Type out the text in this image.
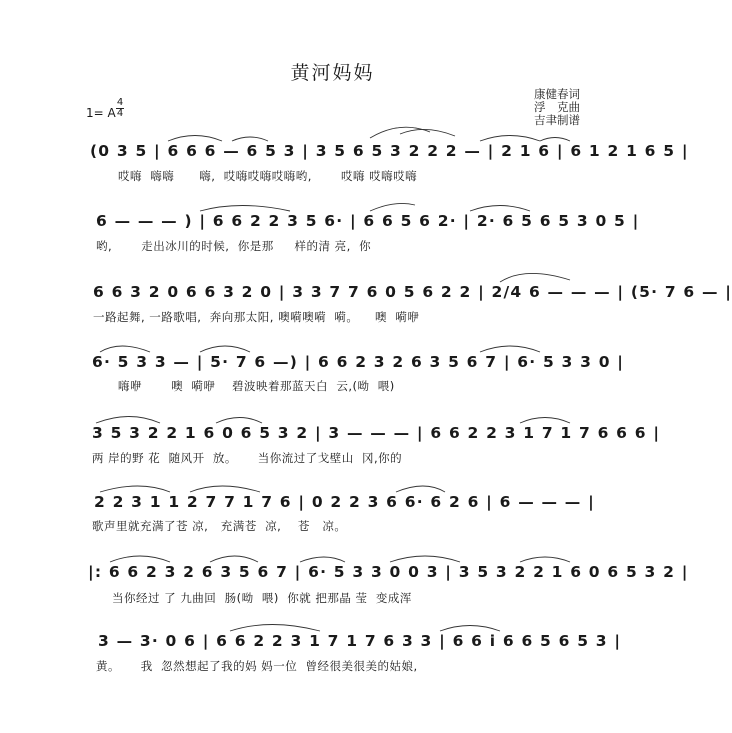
黄河妈妈
康健春词
浮　克曲
吉聿制谱
1= A
4
4
(0 3 5 | 6 6 6 — 6 5 3 | 3 5 6 5 3 2 2 2 — | 2 1 6 | 6 1 2 1 6 5 |
哎嗨  嗨嗨      嗨,  哎嗨哎嗨哎嗨哟,       哎嗨 哎嗨哎嗨
6 — — — ) | 6 6 2 2 3 5 6· | 6 6 5 6 2· | 2· 6 5 6 5 3 0 5 |
哟,       走出冰川的时候,  你是那     样的清 亮,  你
6 6 3 2 0 6 6 3 2 0 | 3 3 7 7 6 0 5 6 2 2 | 2/4 6 — — — | (5· 7 6 — |
一路起舞, 一路歌唱,  奔向那太阳, 噢嗬噢嗬  嗬。    噢  嗬咿
6· 5 3 3 — | 5· 7 6 —) | 6 6 2 3 2 6 3 5 6 7 | 6· 5 3 3 0 |
嗨咿       噢  嗬咿    碧波映着那蓝天白  云,(呦  喂)
3 5 3 2 2 1 6 0 6 5 3 2 | 3 — — — | 6 6 2 2 3 1 7 1 7 6 6 6 |
两 岸的野 花  随风开  放。     当你流过了戈壁山  冈,你的
2 2 3 1 1 2 7 7 1 7 6 | 0 2 2 3 6 6· 6 2 6 | 6 — — — |
歌声里就充满了苍 凉,   充满苍  凉,    苍   凉。
|: 6 6 2 3 2 6 3 5 6 7 | 6· 5 3 3 0 0 3 | 3 5 3 2 2 1 6 0 6 5 3 2 |
当你经过 了 九曲回  肠(呦  喂)  你就 把那晶 莹  变成浑
3 — 3· 0 6 | 6 6 2 2 3 1 7 1 7 6 3 3 | 6 6 i 6 6 5 6 5 3 |
黄。     我  忽然想起了我的妈 妈一位  曾经很美很美的姑娘,
